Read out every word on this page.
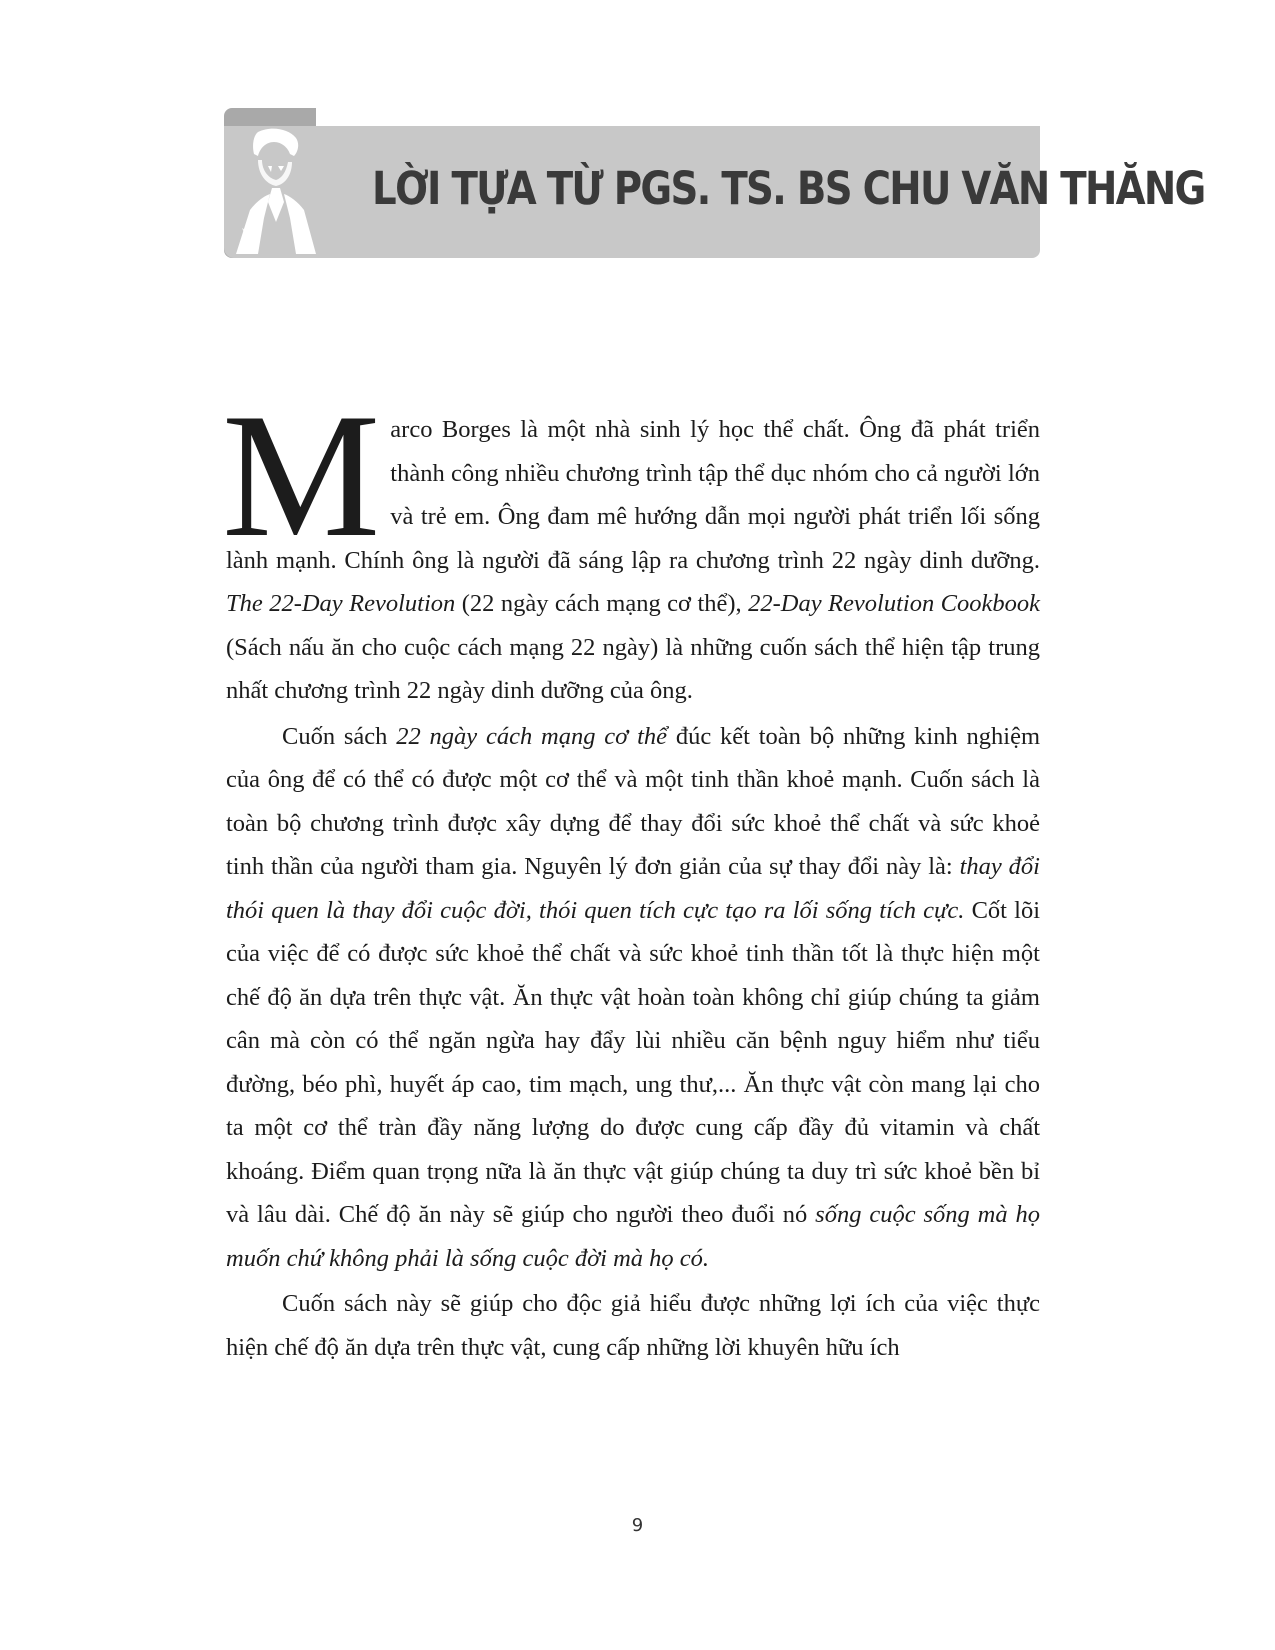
LỜI TỰA TỪ PGS. TS. BS CHU VĂN THĂNG

Marco Borges là một nhà sinh lý học thể chất. Ông đã phát triển thành công nhiều chương trình tập thể dục nhóm cho cả người lớn và trẻ em. Ông đam mê hướng dẫn mọi người phát triển lối sống lành mạnh. Chính ông là người đã sáng lập ra chương trình 22 ngày dinh dưỡng. The 22-Day Revolution (22 ngày cách mạng cơ thể), 22-Day Revolution Cookbook (Sách nấu ăn cho cuộc cách mạng 22 ngày) là những cuốn sách thể hiện tập trung nhất chương trình 22 ngày dinh dưỡng của ông.

Cuốn sách 22 ngày cách mạng cơ thể đúc kết toàn bộ những kinh nghiệm của ông để có thể có được một cơ thể và một tinh thần khoẻ mạnh. Cuốn sách là toàn bộ chương trình được xây dựng để thay đổi sức khoẻ thể chất và sức khoẻ tinh thần của người tham gia. Nguyên lý đơn giản của sự thay đổi này là: thay đổi thói quen là thay đổi cuộc đời, thói quen tích cực tạo ra lối sống tích cực. Cốt lõi của việc để có được sức khoẻ thể chất và sức khoẻ tinh thần tốt là thực hiện một chế độ ăn dựa trên thực vật. Ăn thực vật hoàn toàn không chỉ giúp chúng ta giảm cân mà còn có thể ngăn ngừa hay đẩy lùi nhiều căn bệnh nguy hiểm như tiểu đường, béo phì, huyết áp cao, tim mạch, ung thư,... Ăn thực vật còn mang lại cho ta một cơ thể tràn đầy năng lượng do được cung cấp đầy đủ vitamin và chất khoáng. Điểm quan trọng nữa là ăn thực vật giúp chúng ta duy trì sức khoẻ bền bỉ và lâu dài. Chế độ ăn này sẽ giúp cho người theo đuổi nó sống cuộc sống mà họ muốn chứ không phải là sống cuộc đời mà họ có.

Cuốn sách này sẽ giúp cho độc giả hiểu được những lợi ích của việc thực hiện chế độ ăn dựa trên thực vật, cung cấp những lời khuyên hữu ích

9
